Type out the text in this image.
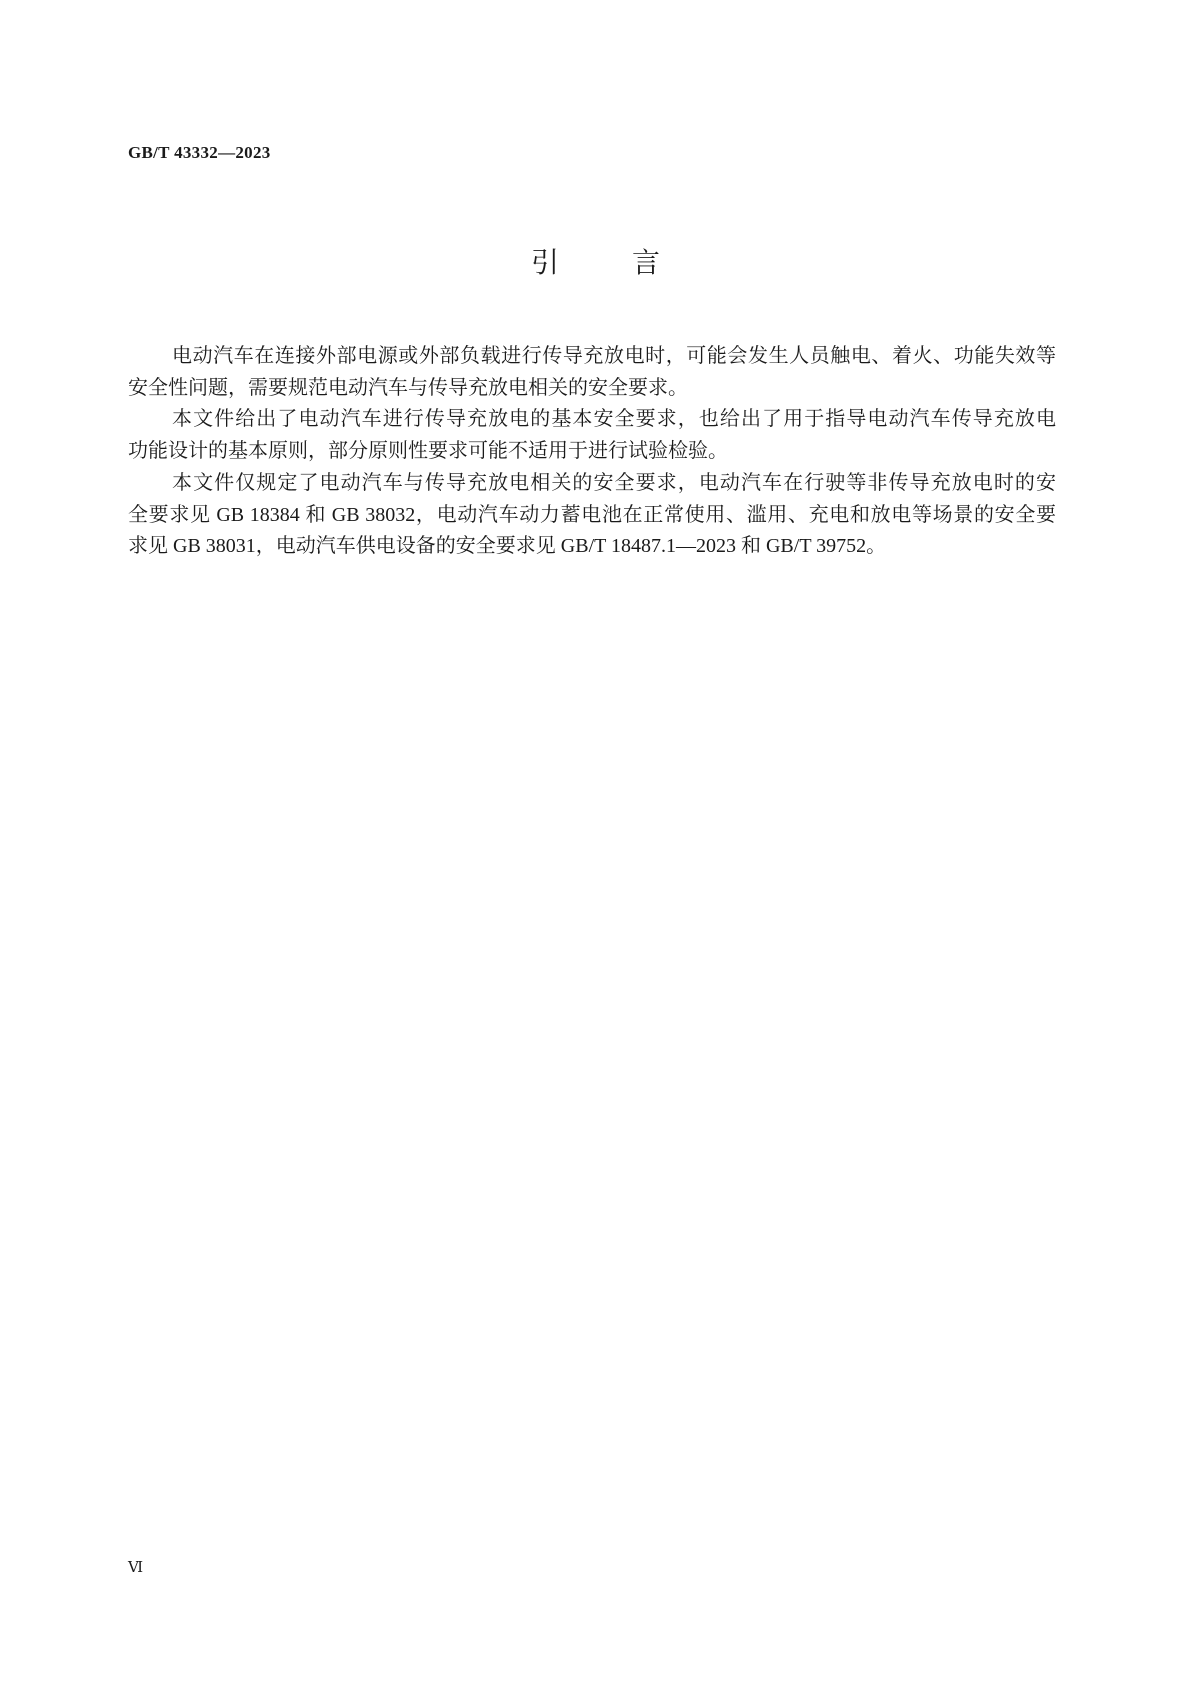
GB/T 43332—2023
引 言
电动汽车在连接外部电源或外部负载进行传导充放电时，可能会发生人员触电、着火、功能失效等
安全性问题，需要规范电动汽车与传导充放电相关的安全要求。
本文件给出了电动汽车进行传导充放电的基本安全要求，也给出了用于指导电动汽车传导充放电
功能设计的基本原则，部分原则性要求可能不适用于进行试验检验。
本文件仅规定了电动汽车与传导充放电相关的安全要求，电动汽车在行驶等非传导充放电时的安
全要求见 GB 18384 和 GB 38032，电动汽车动力蓄电池在正常使用、滥用、充电和放电等场景的安全要
求见 GB 38031，电动汽车供电设备的安全要求见 GB/T 18487.1—2023 和 GB/T 39752。
Ⅵ
